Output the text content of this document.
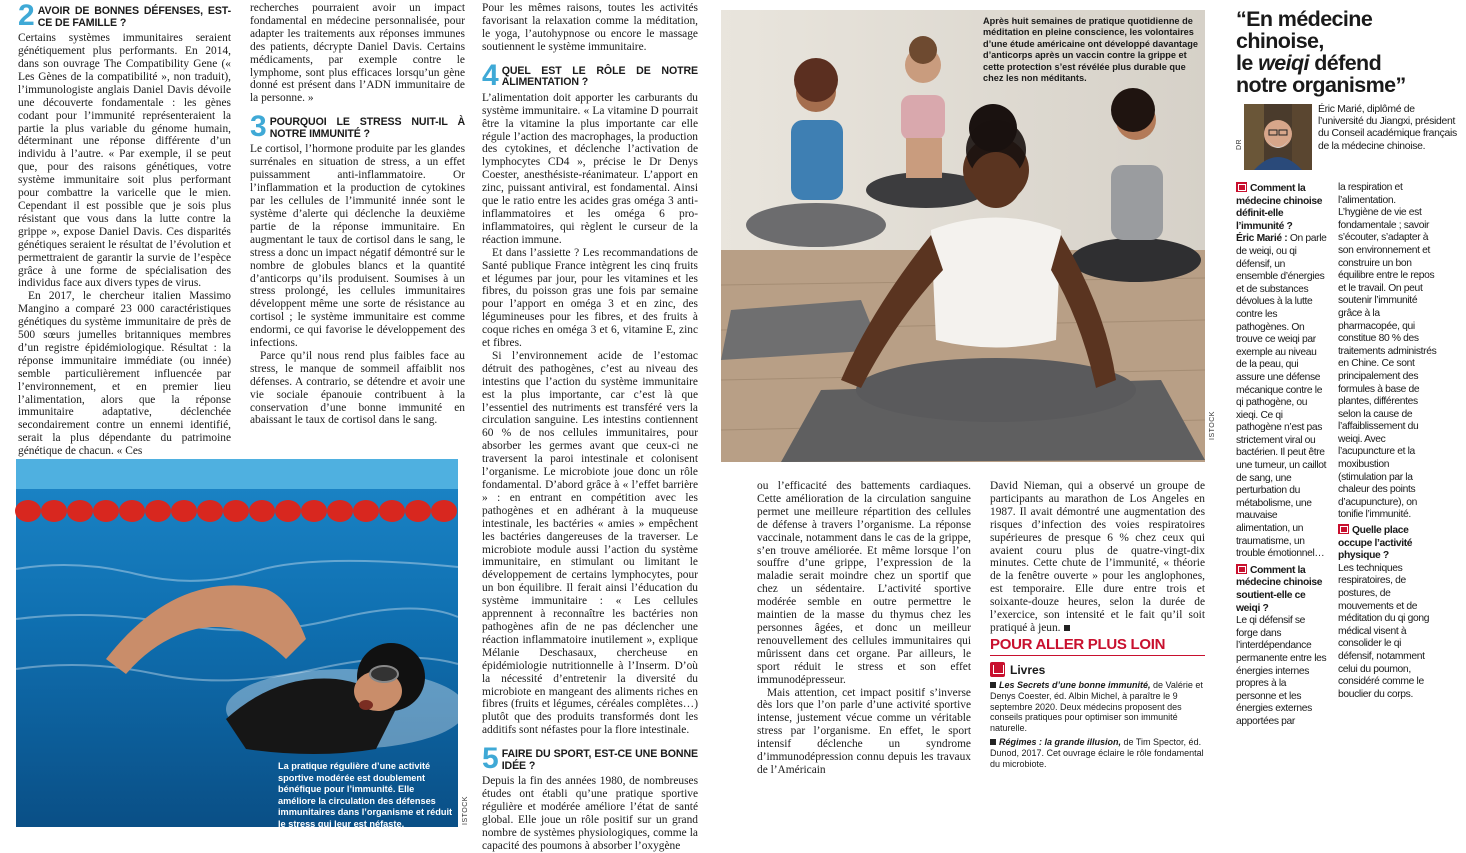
2 AVOIR DE BONNES DÉFENSES, EST-CE DE FAMILLE ?

Certains systèmes immunitaires seraient génétiquement plus performants. En 2014, dans son ouvrage The Compatibility Gene (« Les Gènes de la compatibilité », non traduit), l’immunologiste anglais Daniel Davis dévoile une découverte fondamentale : les gènes codant pour l’immunité représenteraient la partie la plus variable du génome humain, déterminant une réponse différente d’un individu à l’autre. « Par exemple, il se peut que, pour des raisons génétiques, votre système immunitaire soit plus performant pour combattre la varicelle que le mien. Cependant il est possible que je sois plus résistant que vous dans la lutte contre la grippe », expose Daniel Davis. Ces disparités génétiques seraient le résultat de l’évolution et permettraient de garantir la survie de l’espèce grâce à une forme de spécialisation des individus face aux divers types de virus.

En 2017, le chercheur italien Massimo Mangino a comparé 23 000 caractéristiques génétiques du système immunitaire de près de 500 sœurs jumelles britanniques membres d’un registre épidémiologique. Résultat : la réponse immunitaire immédiate (ou innée) semble particulièrement influencée par l’environnement, et en premier lieu l’alimentation, alors que la réponse immunitaire adaptative, déclenchée secondairement contre un ennemi identifié, serait la plus dépendante du patrimoine génétique de chacun. « Ces

recherches pourraient avoir un impact fondamental en médecine personnalisée, pour adapter les traitements aux réponses immunes des patients, décrypte Daniel Davis. Certains médicaments, par exemple contre le lymphome, sont plus efficaces lorsqu’un gène donné est présent dans l’ADN immunitaire de la personne. »

3 POURQUOI LE STRESS NUIT-IL À NOTRE IMMUNITÉ ?

Le cortisol, l’hormone produite par les glandes surrénales en situation de stress, a un effet puissamment anti-inflammatoire. Or l’inflammation et la production de cytokines par les cellules de l’immunité innée sont le système d’alerte qui déclenche la deuxième partie de la réponse immunitaire. En augmentant le taux de cortisol dans le sang, le stress a donc un impact négatif démontré sur le nombre de globules blancs et la quantité d’anticorps qu’ils produisent. Soumises à un stress prolongé, les cellules immunitaires développent même une sorte de résistance au cortisol ; le système immunitaire est comme endormi, ce qui favorise le développement des infections.

Parce qu’il nous rend plus faibles face au stress, le manque de sommeil affaiblit nos défenses. A contrario, se détendre et avoir une vie sociale épanouie contribuent à la conservation d’une bonne immunité en abaissant le taux de cortisol dans le sang.

La pratique régulière d’une activité sportive modérée est doublement bénéfique pour l’immunité. Elle améliore la circulation des défenses immunitaires dans l’organisme et réduit le stress qui leur est néfaste.	ISTOCK

Pour les mêmes raisons, toutes les activités favorisant la relaxation comme la méditation, le yoga, l’autohypnose ou encore le massage soutiennent le système immunitaire.

4 QUEL EST LE RÔLE DE NOTRE ALIMENTATION ?

L’alimentation doit apporter les carburants du système immunitaire. « La vitamine D pourrait être la vitamine la plus importante car elle régule l’action des macrophages, la production des cytokines, et déclenche l’activation de lymphocytes CD4 », précise le Dr Denys Coester, anesthésiste-réanimateur. L’apport en zinc, puissant antiviral, est fondamental. Ainsi que le ratio entre les acides gras oméga 3 anti-inflammatoires et les oméga 6 pro-inflammatoires, qui règlent le curseur de la réaction immune.

Et dans l’assiette ? Les recommandations de Santé publique France intègrent les cinq fruits et légumes par jour, pour les vitamines et les fibres, du poisson gras une fois par semaine pour l’apport en oméga 3 et en zinc, des légumineuses pour les fibres, et des fruits à coque riches en oméga 3 et 6, vitamine E, zinc et fibres.

Si l’environnement acide de l’estomac détruit des pathogènes, c’est au niveau des intestins que l’action du système immunitaire est la plus importante, car c’est là que l’essentiel des nutriments est transféré vers la circulation sanguine. Les intestins contiennent 60 % de nos cellules immunitaires, pour absorber les germes avant que ceux-ci ne traversent la paroi intestinale et colonisent l’organisme. Le microbiote joue donc un rôle fondamental. D’abord grâce à « l’effet barrière » : en entrant en compétition avec les pathogènes et en adhérant à la muqueuse intestinale, les bactéries « amies » empêchent les bactéries dangereuses de la traverser. Le microbiote module aussi l’action du système immunitaire, en stimulant ou limitant le développement de certains lymphocytes, pour un bon équilibre. Il ferait ainsi l’éducation du système immunitaire : « Les cellules apprennent à reconnaître les bactéries non pathogènes afin de ne pas déclencher une réaction inflammatoire inutilement », explique Mélanie Deschasaux, chercheuse en épidémiologie nutritionnelle à l’Inserm. D’où la nécessité d’entretenir la diversité du microbiote en mangeant des aliments riches en fibres (fruits et légumes, céréales complètes…) plutôt que des produits transformés dont les additifs sont néfastes pour la flore intestinale.

5 FAIRE DU SPORT, EST-CE UNE BONNE IDÉE ?

Depuis la fin des années 1980, de nombreuses études ont établi qu’une pratique sportive régulière et modérée améliore l’état de santé global. Elle joue un rôle positif sur un grand nombre de systèmes physiologiques, comme la capacité des poumons à absorber l’oxygène

Après huit semaines de pratique quotidienne de méditation en pleine conscience, les volontaires d’une étude américaine ont développé davantage d’anticorps après un vaccin contre la grippe et cette protection s’est révélée plus durable que chez les non méditants.
ISTOCK

ou l’efficacité des battements cardiaques. Cette amélioration de la circulation sanguine permet une meilleure répartition des cellules de défense à travers l’organisme. La réponse vaccinale, notamment dans le cas de la grippe, s’en trouve améliorée. Et même lorsque l’on souffre d’une grippe, l’expression de la maladie serait moindre chez un sportif que chez un sédentaire. L’activité sportive modérée semble en outre permettre le maintien de la masse du thymus chez les personnes âgées, et donc un meilleur renouvellement des cellules immunitaires qui mûrissent dans cet organe. Par ailleurs, le sport réduit le stress et son effet immunodépresseur.

Mais attention, cet impact positif s’inverse dès lors que l’on parle d’une activité sportive intense, justement vécue comme un véritable stress par l’organisme. En effet, le sport intensif déclenche un syndrome d’immunodépression connu depuis les travaux de l’Américain

David Nieman, qui a observé un groupe de participants au marathon de Los Angeles en 1987. Il avait démontré une augmentation des risques d’infection des voies respiratoires supérieures de presque 6 % chez ceux qui avaient couru plus de quatre-vingt-dix minutes. Cette chute de l’immunité, « théorie de la fenêtre ouverte » pour les anglophones, est temporaire. Elle dure entre trois et soixante-douze heures, selon la durée de l’exercice, son intensité et le fait qu’il soit pratiqué à jeun.

POUR ALLER PLUS LOIN
Livres
Les Secrets d’une bonne immunité, de Valérie et Denys Coester, éd. Albin Michel, à paraître le 9 septembre 2020. Deux médecins proposent des conseils pratiques pour optimiser son immunité naturelle.
Régimes : la grande illusion, de Tim Spector, éd. Dunod, 2017. Cet ouvrage éclaire le rôle fondamental du microbiote.
“En médecine chinoise,
le weiqi défend
notre organisme”
Éric Marié, diplômé de l’université du Jiangxi, président du Conseil académique français de la médecine chinoise.
DR
Comment la médecine chinoise définit-elle l’immunité ?
Éric Marié : On parle de weiqi, ou qi défensif, un ensemble d’énergies et de substances dévolues à la lutte contre les pathogènes. On trouve ce weiqi par exemple au niveau de la peau, qui assure une défense mécanique contre le qi pathogène, ou xieqi. Ce qi pathogène n’est pas strictement viral ou bactérien. Il peut être une tumeur, un caillot de sang, une perturbation du métabolisme, une mauvaise alimentation, un traumatisme, un trouble émotionnel…
Comment la médecine chinoise soutient-elle ce weiqi ?
Le qi défensif se forge dans l’interdépendance permanente entre les énergies internes propres à la personne et les énergies externes apportées par
la respiration et l’alimentation. L’hygiène de vie est fondamentale ; savoir s’écouter, s’adapter à son environnement et construire un bon équilibre entre le repos et le travail. On peut soutenir l’immunité grâce à la pharmacopée, qui constitue 80 % des traitements administrés en Chine. Ce sont principalement des formules à base de plantes, différentes selon la cause de l’affaiblissement du weiqi. Avec l’acupuncture et la moxibustion (stimulation par la chaleur des points d’acupuncture), on tonifie l’immunité.
Quelle place occupe l’activité physique ?
Les techniques respiratoires, de postures, de mouvements et de méditation du qi gong médical visent à consolider le qi défensif, notamment celui du poumon, considéré comme le bouclier du corps.
